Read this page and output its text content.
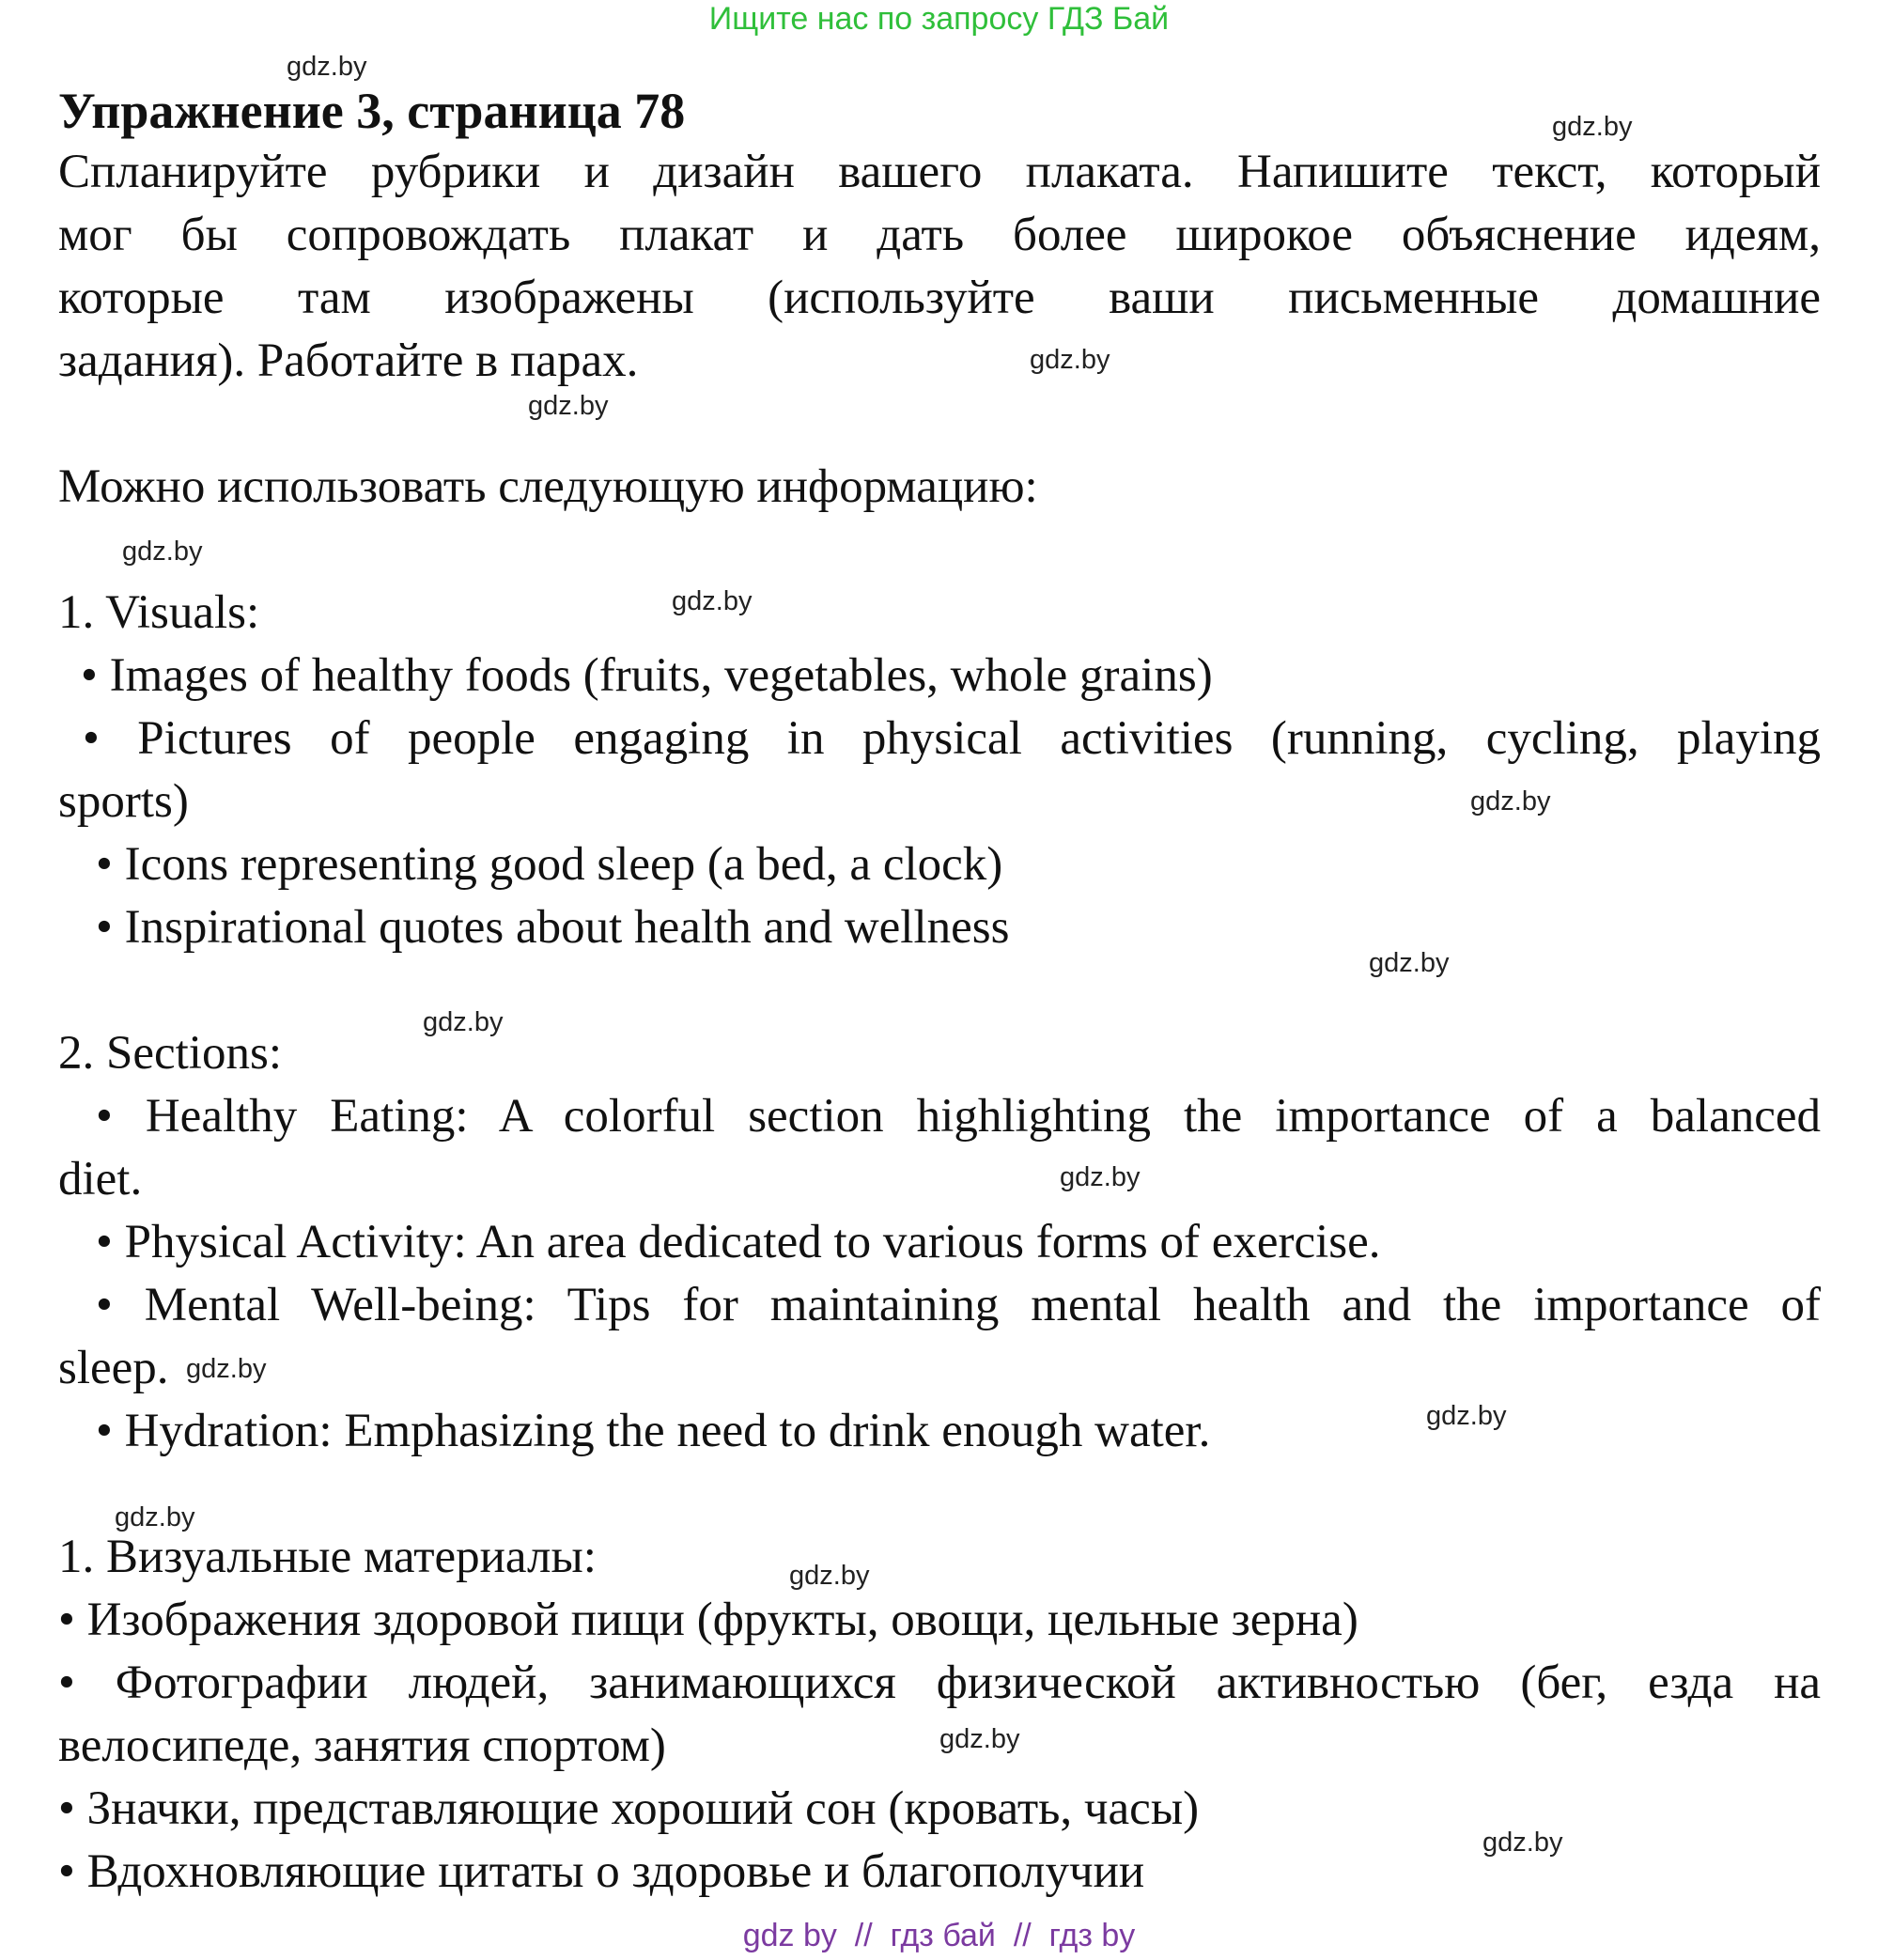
Ищите нас по запросу ГДЗ Бай
Упражнение 3, страница 78
Спланируйте рубрики и дизайн вашего плаката. Напишите текст, который
мог бы сопровождать плакат и дать более широкое объяснение идеям,
которые там изображены (используйте ваши письменные домашние
задания). Работайте в парах.
Можно использовать следующую информацию:
1. Visuals:
• Images of healthy foods (fruits, vegetables, whole grains)
• Pictures of people engaging in physical activities (running, cycling, playing
sports)
• Icons representing good sleep (a bed, a clock)
• Inspirational quotes about health and wellness
2. Sections:
• Healthy Eating: A colorful section highlighting the importance of a balanced
diet.
• Physical Activity: An area dedicated to various forms of exercise.
• Mental Well-being: Tips for maintaining mental health and the importance of
sleep.
• Hydration: Emphasizing the need to drink enough water.
1. Визуальные материалы:
• Изображения здоровой пищи (фрукты, овощи, цельные зерна)
• Фотографии людей, занимающихся физической активностью (бег, езда на
велосипеде, занятия спортом)
• Значки, представляющие хороший сон (кровать, часы)
• Вдохновляющие цитаты о здоровье и благополучии
gdz.by
gdz.by
gdz.by
gdz.by
gdz.by
gdz.by
gdz.by
gdz.by
gdz.by
gdz.by
gdz.by
gdz.by
gdz.by
gdz.by
gdz.by
gdz.by
gdz by  //  гдз бай  //  гдз by
